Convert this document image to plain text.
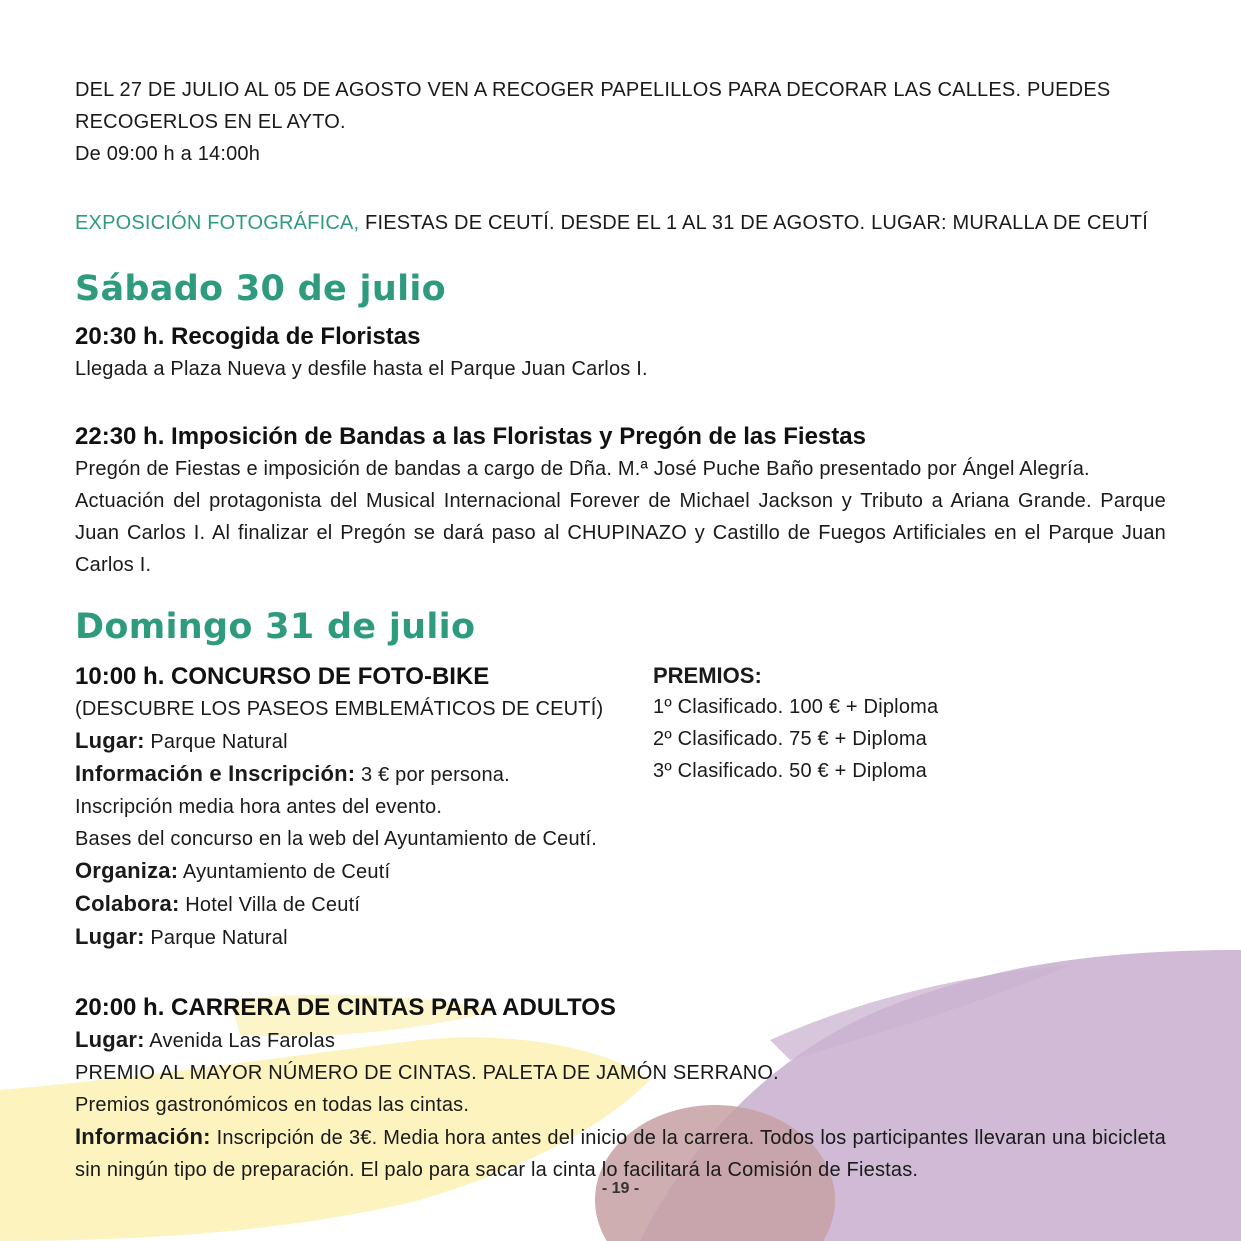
DEL 27 DE JULIO AL 05 DE AGOSTO VEN A RECOGER PAPELILLOS PARA DECORAR LAS CALLES. PUEDES RECOGERLOS EN EL AYTO.

De 09:00 h a 14:00h

EXPOSICIÓN FOTOGRÁFICA, FIESTAS DE CEUTÍ. DESDE EL 1 AL 31 DE AGOSTO. LUGAR: MURALLA DE CEUTÍ

Sábado 30 de julio

20:30 h. Recogida de Floristas

Llegada a Plaza Nueva y desfile hasta el Parque Juan Carlos I.

22:30 h. Imposición de Bandas a las Floristas y Pregón de las Fiestas

Pregón de Fiestas e imposición de bandas a cargo de Dña. M.ª José Puche Baño presentado por Ángel Alegría.

Actuación del protagonista del Musical Internacional Forever de Michael Jackson y Tributo a Ariana Grande. Parque Juan Carlos I. Al finalizar el Pregón se dará paso al CHUPINAZO y Castillo de Fuegos Artificiales en el Parque Juan Carlos I.

Domingo 31 de julio

10:00 h. CONCURSO DE FOTO-BIKE

(DESCUBRE LOS PASEOS EMBLEMÁTICOS DE CEUTÍ)

Lugar: Parque Natural

Información e Inscripción: 3 € por persona.

Inscripción media hora antes del evento.

Bases del concurso en la web del Ayuntamiento de Ceutí.

Organiza: Ayuntamiento de Ceutí

Colabora: Hotel Villa de Ceutí

Lugar: Parque Natural

PREMIOS:

1º Clasificado. 100 € + Diploma

2º Clasificado. 75 € + Diploma

3º Clasificado. 50 € + Diploma

20:00 h. CARRERA DE CINTAS PARA ADULTOS

Lugar: Avenida Las Farolas

PREMIO AL MAYOR NÚMERO DE CINTAS. PALETA DE JAMÓN SERRANO.

Premios gastronómicos en todas las cintas.

Información: Inscripción de 3€. Media hora antes del inicio de la carrera. Todos los participantes llevaran una bicicleta sin ningún tipo de preparación. El palo para sacar la cinta lo facilitará la Comisión de Fiestas.

- 19 -
